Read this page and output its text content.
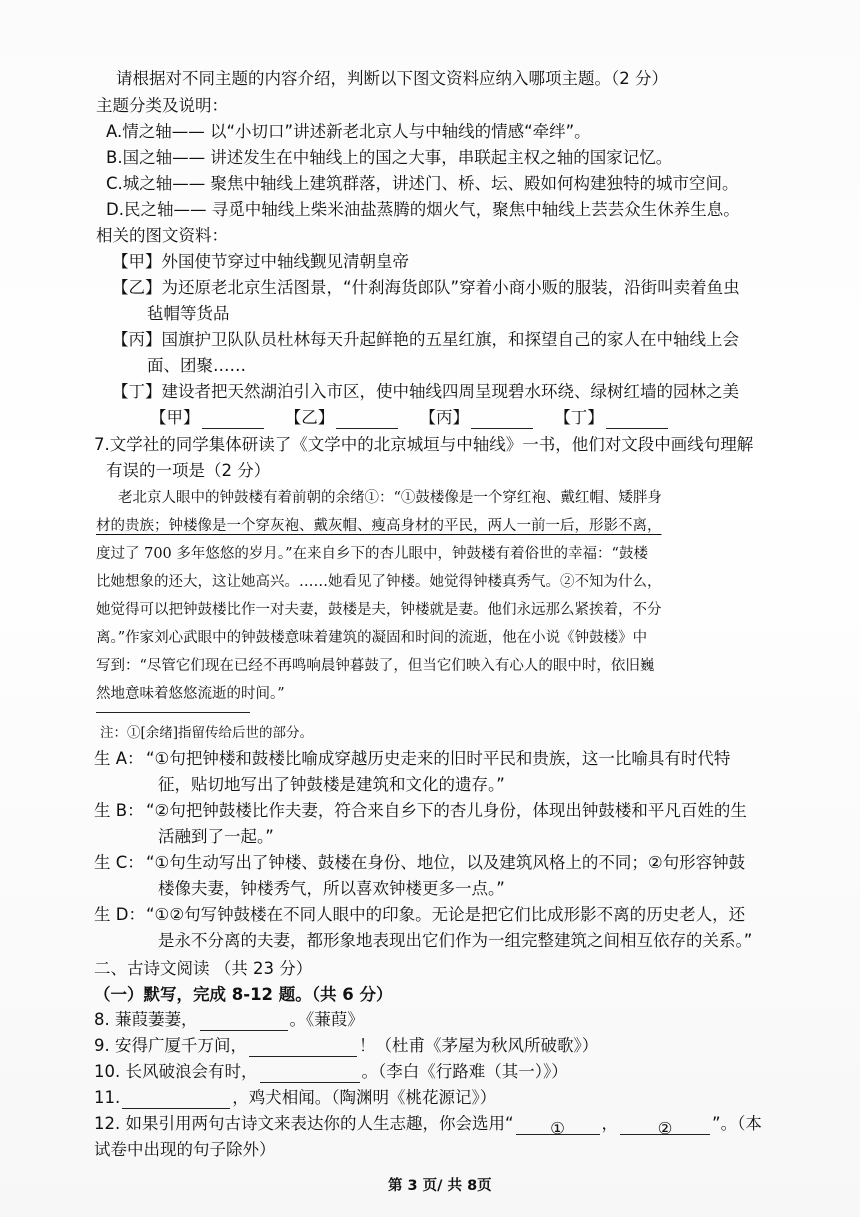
请根据对不同主题的内容介绍，判断以下图文资料应纳入哪项主题。（2 分）
主题分类及说明：
A.情之轴—— 以“小切口”讲述新老北京人与中轴线的情感“牵绊”。
B.国之轴—— 讲述发生在中轴线上的国之大事，串联起主权之轴的国家记忆。
C.城之轴—— 聚焦中轴线上建筑群落，讲述门、桥、坛、殿如何构建独特的城市空间。
D.民之轴—— 寻觅中轴线上柴米油盐蒸腾的烟火气，聚焦中轴线上芸芸众生休养生息。
相关的图文资料：
【甲】外国使节穿过中轴线觐见清朝皇帝
【乙】为还原老北京生活图景，“什刹海货郎队”穿着小商小贩的服装，沿街叫卖着鱼虫
毡帽等货品
【丙】国旗护卫队队员杜林每天升起鲜艳的五星红旗，和探望自己的家人在中轴线上会
面、团聚……
【丁】建设者把天然湖泊引入市区，使中轴线四周呈现碧水环绕、绿树红墙的园林之美
【甲】	【乙】	【丙】	【丁】
7.文学社的同学集体研读了《文学中的北京城垣与中轴线》一书，他们对文段中画线句理解
有误的一项是（2 分）
老北京人眼中的钟鼓楼有着前朝的余绪①：“①鼓楼像是一个穿红袍、戴红帽、矮胖身
材的贵族；钟楼像是一个穿灰袍、戴灰帽、瘦高身材的平民，两人一前一后，形影不离，
度过了 700 多年悠悠的岁月。”在来自乡下的杏儿眼中，钟鼓楼有着俗世的幸福：“鼓楼
比她想象的还大，这让她高兴。……她看见了钟楼。她觉得钟楼真秀气。②不知为什么，
她觉得可以把钟鼓楼比作一对夫妻，鼓楼是夫，钟楼就是妻。他们永远那么紧挨着，不分
离。”作家刘心武眼中的钟鼓楼意味着建筑的凝固和时间的流逝，他在小说《钟鼓楼》中
写到：“尽管它们现在已经不再鸣响晨钟暮鼓了，但当它们映入有心人的眼中时，依旧巍
然地意味着悠悠流逝的时间。”
注：①[余绪]指留传给后世的部分。
生 A： “①句把钟楼和鼓楼比喻成穿越历史走来的旧时平民和贵族，这一比喻具有时代特
征，贴切地写出了钟鼓楼是建筑和文化的遗存。”
生 B： “②句把钟鼓楼比作夫妻，符合来自乡下的杏儿身份，体现出钟鼓楼和平凡百姓的生
活融到了一起。”
生 C： “①句生动写出了钟楼、鼓楼在身份、地位，以及建筑风格上的不同；②句形容钟鼓
楼像夫妻，钟楼秀气，所以喜欢钟楼更多一点。”
生 D： “①②句写钟鼓楼在不同人眼中的印象。无论是把它们比成形影不离的历史老人，还
是永不分离的夫妻，都形象地表现出它们作为一组完整建筑之间相互依存的关系。”
二、古诗文阅读 （共 23 分）
（一）默写，完成 8-12 题。（共 6 分）
8. 蒹葭萋萋，	。《蒹葭》
9. 安得广厦千万间，	！（杜甫《茅屋为秋风所破歌》）
10. 长风破浪会有时，	。（李白《行路难（其一）》）
11.	，鸡犬相闻。（陶渊明《桃花源记》）
12. 如果引用两句古诗文来表达你的人生志趣，你会选用“ ① ， ② ”。（本
试卷中出现的句子除外）
第 3 页/ 共 8页
